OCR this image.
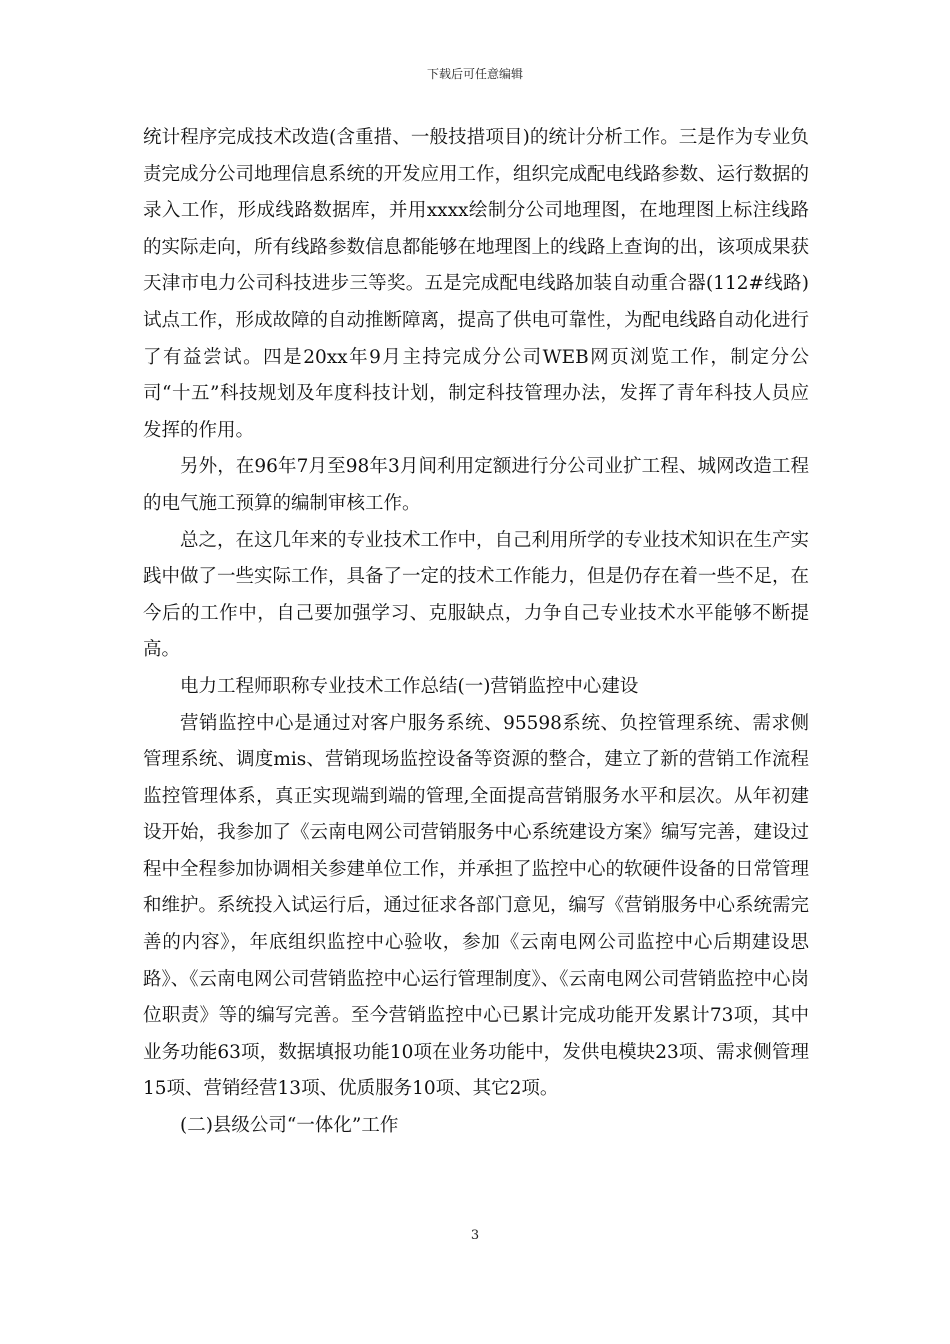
下载后可任意编辑

统计程序完成技术改造(含重措、一般技措项目)的统计分析工作。三是作为专业负责完成分公司地理信息系统的开发应用工作，组织完成配电线路参数、运行数据的录入工作，形成线路数据库，并用xxxx绘制分公司地理图，在地理图上标注线路的实际走向，所有线路参数信息都能够在地理图上的线路上查询的出，该项成果获天津市电力公司科技进步三等奖。五是完成配电线路加装自动重合器(112#线路)试点工作，形成故障的自动推断障离，提高了供电可靠性，为配电线路自动化进行了有益尝试。四是20xx年9月主持完成分公司WEB网页浏览工作，制定分公司“十五”科技规划及年度科技计划，制定科技管理办法，发挥了青年科技人员应发挥的作用。

另外，在96年7月至98年3月间利用定额进行分公司业扩工程、城网改造工程的电气施工预算的编制审核工作。

总之，在这几年来的专业技术工作中，自己利用所学的专业技术知识在生产实践中做了一些实际工作，具备了一定的技术工作能力，但是仍存在着一些不足，在今后的工作中，自己要加强学习、克服缺点，力争自己专业技术水平能够不断提高。

电力工程师职称专业技术工作总结(一)营销监控中心建设

营销监控中心是通过对客户服务系统、95598系统、负控管理系统、需求侧管理系统、调度mis、营销现场监控设备等资源的整合，建立了新的营销工作流程监控管理体系，真正实现端到端的管理,全面提高营销服务水平和层次。从年初建设开始，我参加了《云南电网公司营销服务中心系统建设方案》编写完善，建设过程中全程参加协调相关参建单位工作，并承担了监控中心的软硬件设备的日常管理和维护。系统投入试运行后，通过征求各部门意见，编写《营销服务中心系统需完善的内容》，年底组织监控中心验收，参加《云南电网公司监控中心后期建设思路》、《云南电网公司营销监控中心运行管理制度》、《云南电网公司营销监控中心岗位职责》等的编写完善。至今营销监控中心已累计完成功能开发累计73项，其中业务功能63项，数据填报功能10项在业务功能中，发供电模块23项、需求侧管理15项、营销经营13项、优质服务10项、其它2项。

(二)县级公司“一体化”工作

3
